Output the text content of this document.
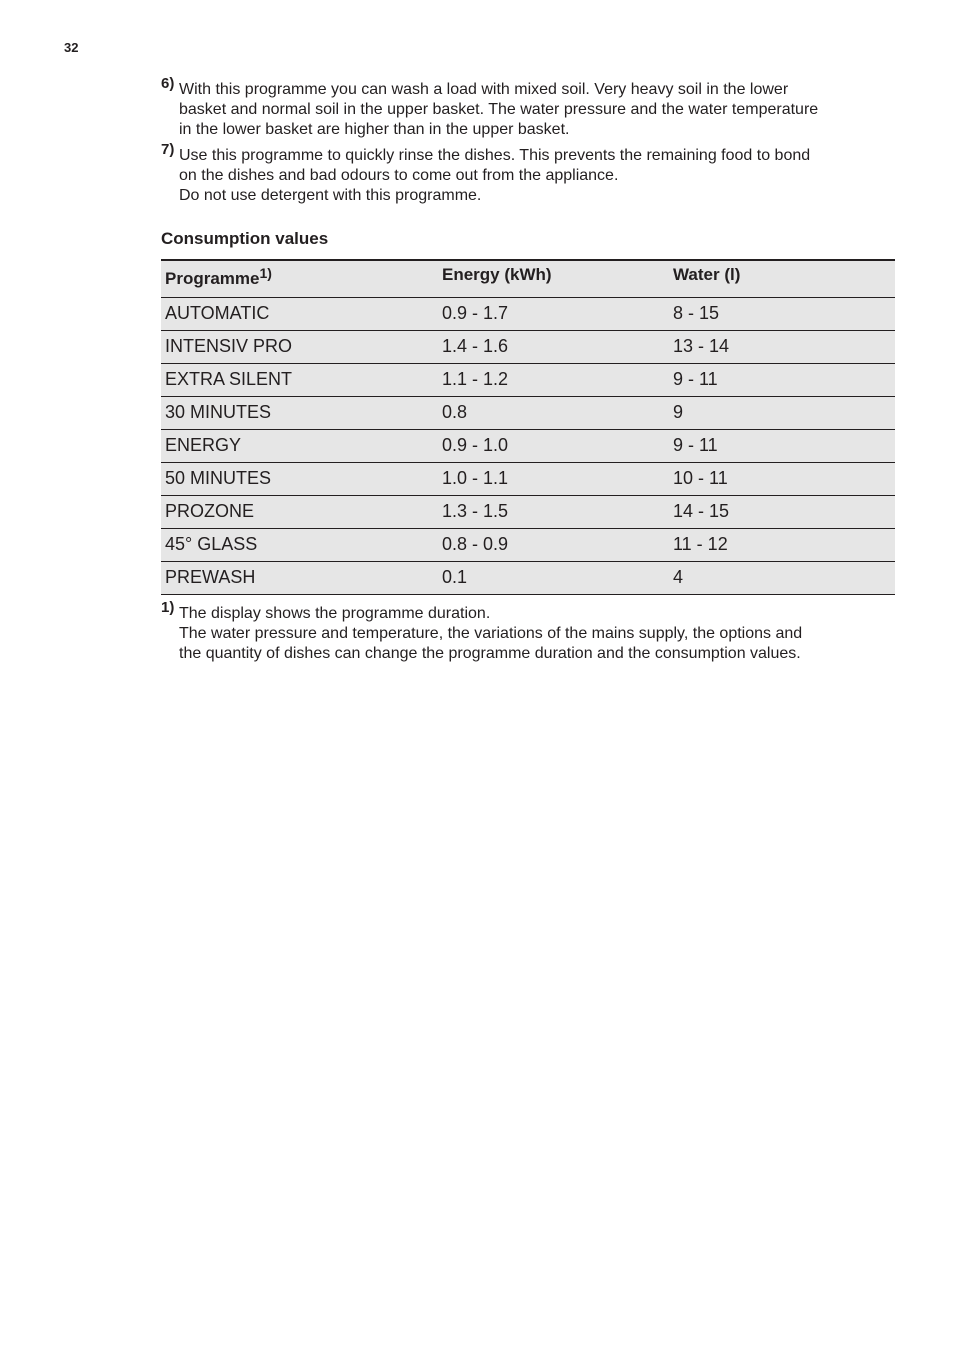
32
6) With this programme you can wash a load with mixed soil. Very heavy soil in the lower
basket and normal soil in the upper basket. The water pressure and the water temperature
in the lower basket are higher than in the upper basket.
7) Use this programme to quickly rinse the dishes. This prevents the remaining food to bond
on the dishes and bad odours to come out from the appliance.
Do not use detergent with this programme.
Consumption values
Programme$^{1)}$	Energy (kWh)	Water (l)
AUTOMATIC	0.9 - 1.7	8 - 15
INTENSIV PRO	1.4 - 1.6	13 - 14
EXTRA SILENT	1.1 - 1.2	9 - 11
30 MINUTES	0.8	9
ENERGY	0.9 - 1.0	9 - 11
50 MINUTES	1.0 - 1.1	10 - 11
PROZONE	1.3 - 1.5	14 - 15
45° GLASS	0.8 - 0.9	11 - 12
PREWASH	0.1	4
1) The display shows the programme duration.
The water pressure and temperature, the variations of the mains supply, the options and
the quantity of dishes can change the programme duration and the consumption values.
